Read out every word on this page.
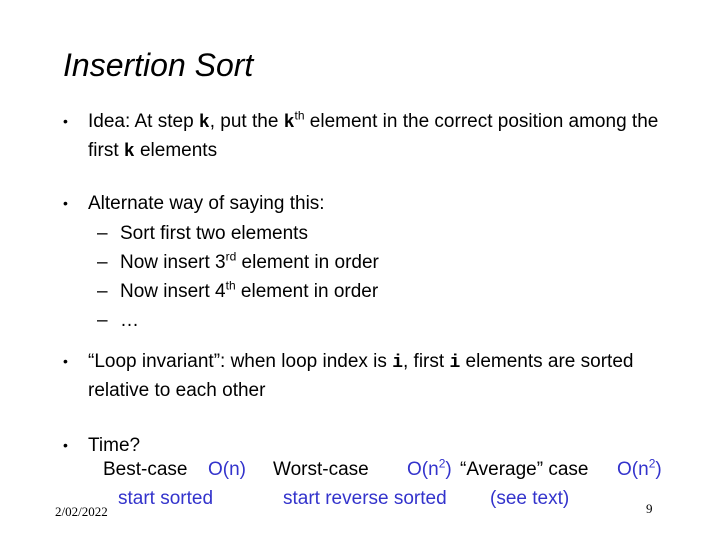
Insertion Sort
•	Idea: At step k, put the $k^{th}$ element in the correct position among the first k elements
•	Alternate way of saying this:
– Sort first two elements
– Now insert 3rd element in order
– Now insert 4th element in order
– …
•	“Loop invariant”: when loop index is i, first i elements are sorted relative to each other
•	Time?
Best-case O(n) Worst-case $O(n^2)$ “Average” case $O(n^2)$
start sorted	start reverse sorted (see text)
2/02/2022	9
